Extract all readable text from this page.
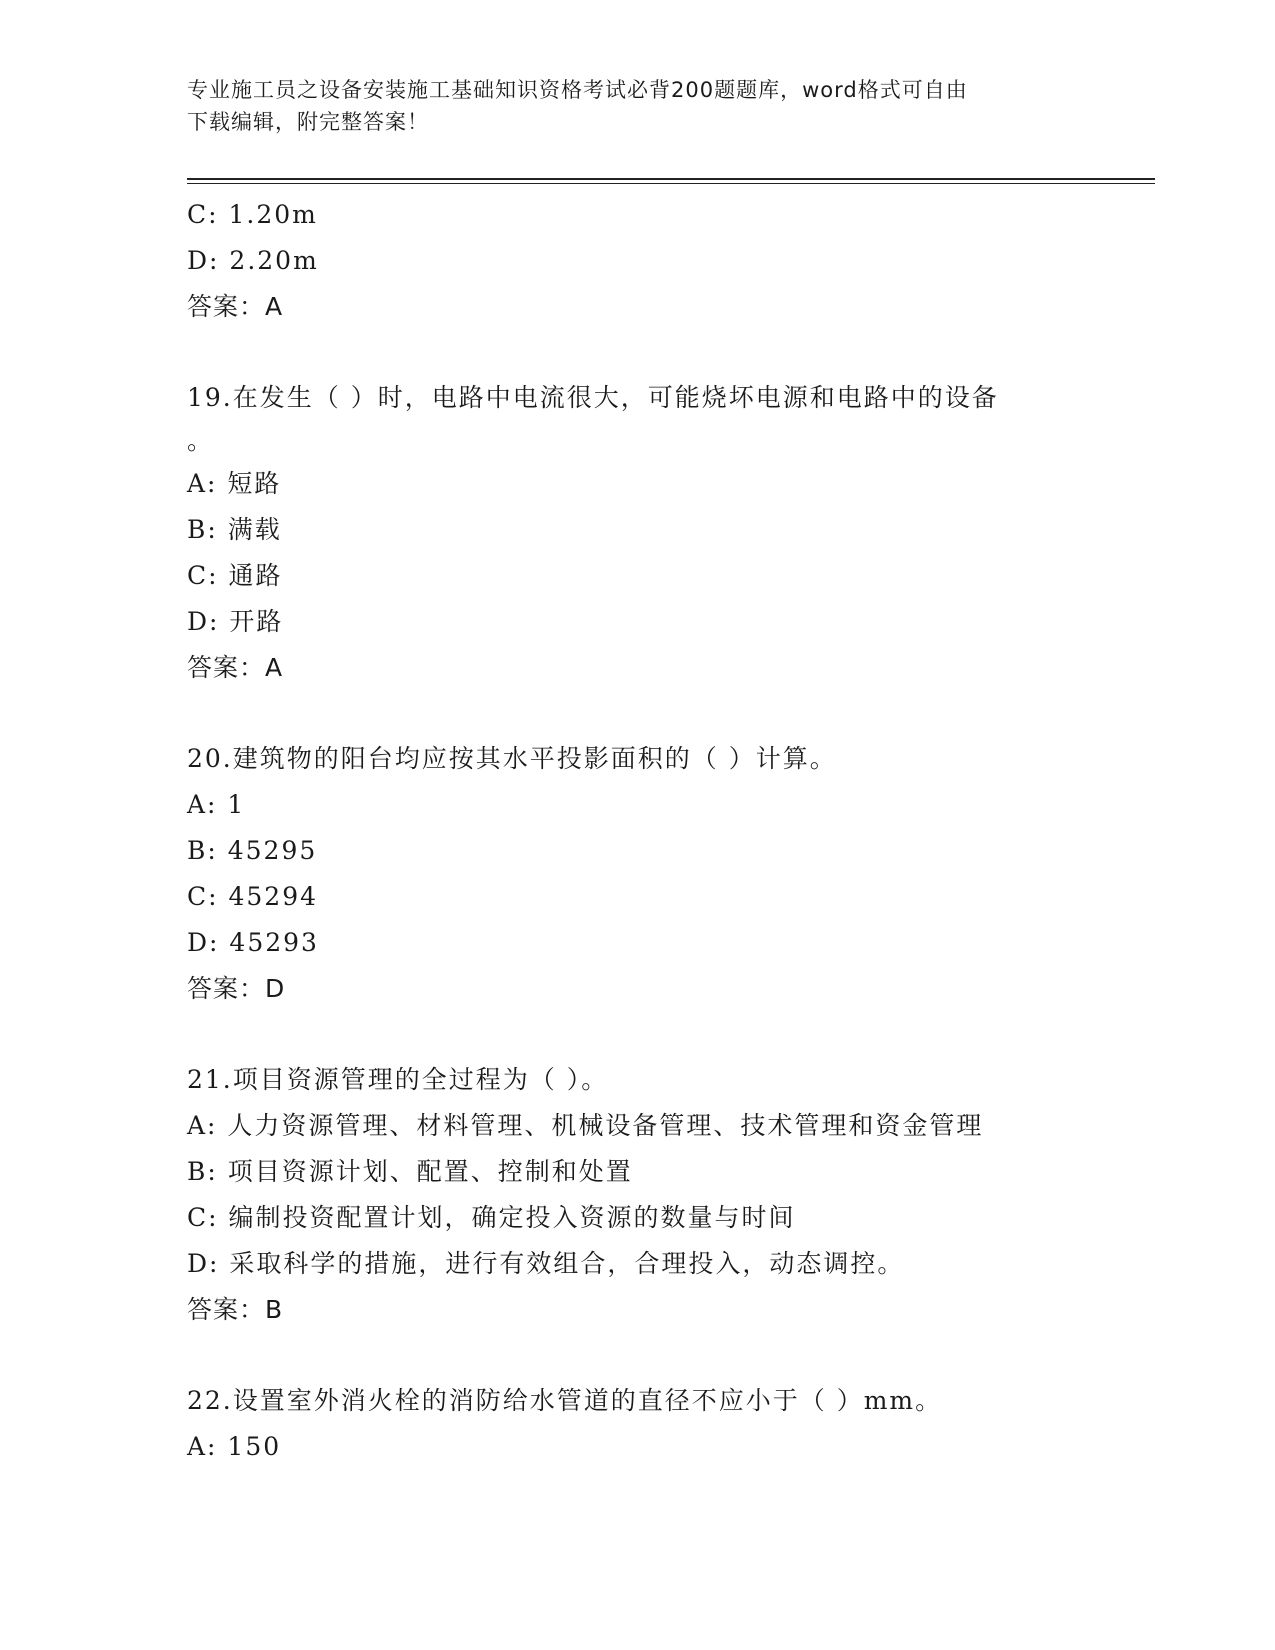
专业施工员之设备安装施工基础知识资格考试必背200题题库，word格式可自由
下载编辑，附完整答案！
C: 1.20m
D: 2.20m
答案：A
19.在发生（ ）时，电路中电流很大，可能烧坏电源和电路中的设备
。
A: 短路
B: 满载
C: 通路
D: 开路
答案：A
20.建筑物的阳台均应按其水平投影面积的（ ）计算。
A: 1
B: 45295
C: 45294
D: 45293
答案：D
21.项目资源管理的全过程为（ ）。
A: 人力资源管理、材料管理、机械设备管理、技术管理和资金管理
B: 项目资源计划、配置、控制和处置
C: 编制投资配置计划，确定投入资源的数量与时间
D: 采取科学的措施，进行有效组合，合理投入，动态调控。
答案：B
22.设置室外消火栓的消防给水管道的直径不应小于（ ）mm。
A: 150
